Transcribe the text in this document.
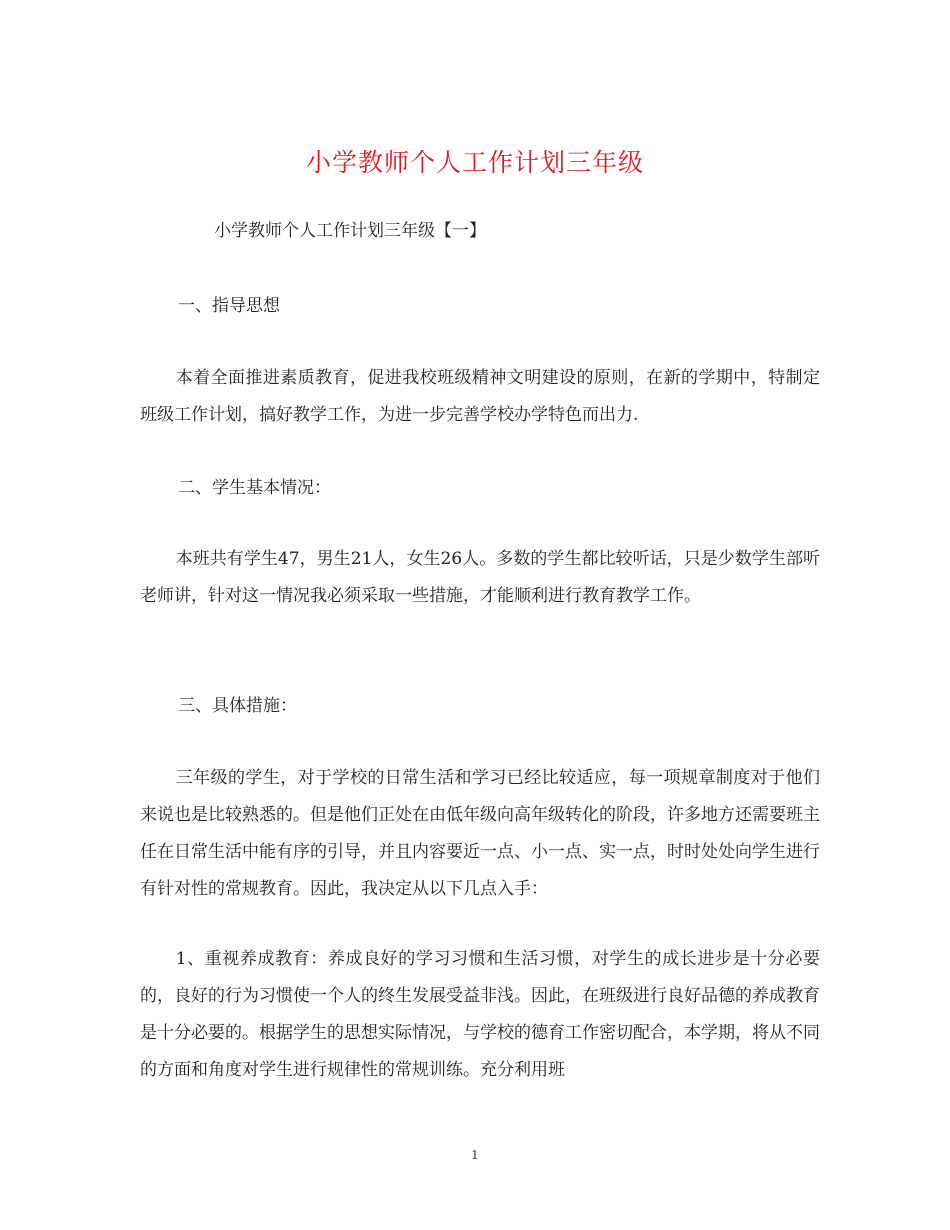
小学教师个人工作计划三年级
小学教师个人工作计划三年级【一】
一、指导思想
本着全面推进素质教育，促进我校班级精神文明建设的原则，在新的学期中，特制定班级工作计划，搞好教学工作，为进一步完善学校办学特色而出力.
二、学生基本情况：
本班共有学生47，男生21人，女生26人。多数的学生都比较听话，只是少数学生部听老师讲，针对这一情况我必须采取一些措施，才能顺利进行教育教学工作。
三、具体措施：
三年级的学生，对于学校的日常生活和学习已经比较适应，每一项规章制度对于他们来说也是比较熟悉的。但是他们正处在由低年级向高年级转化的阶段，许多地方还需要班主任在日常生活中能有序的引导，并且内容要近一点、小一点、实一点，时时处处向学生进行有针对性的常规教育。因此，我决定从以下几点入手：
1、重视养成教育：养成良好的学习习惯和生活习惯，对学生的成长进步是十分必要的，良好的行为习惯使一个人的终生发展受益非浅。因此，在班级进行良好品德的养成教育是十分必要的。根据学生的思想实际情况，与学校的德育工作密切配合，本学期，将从不同的方面和角度对学生进行规律性的常规训练。充分利用班
1
